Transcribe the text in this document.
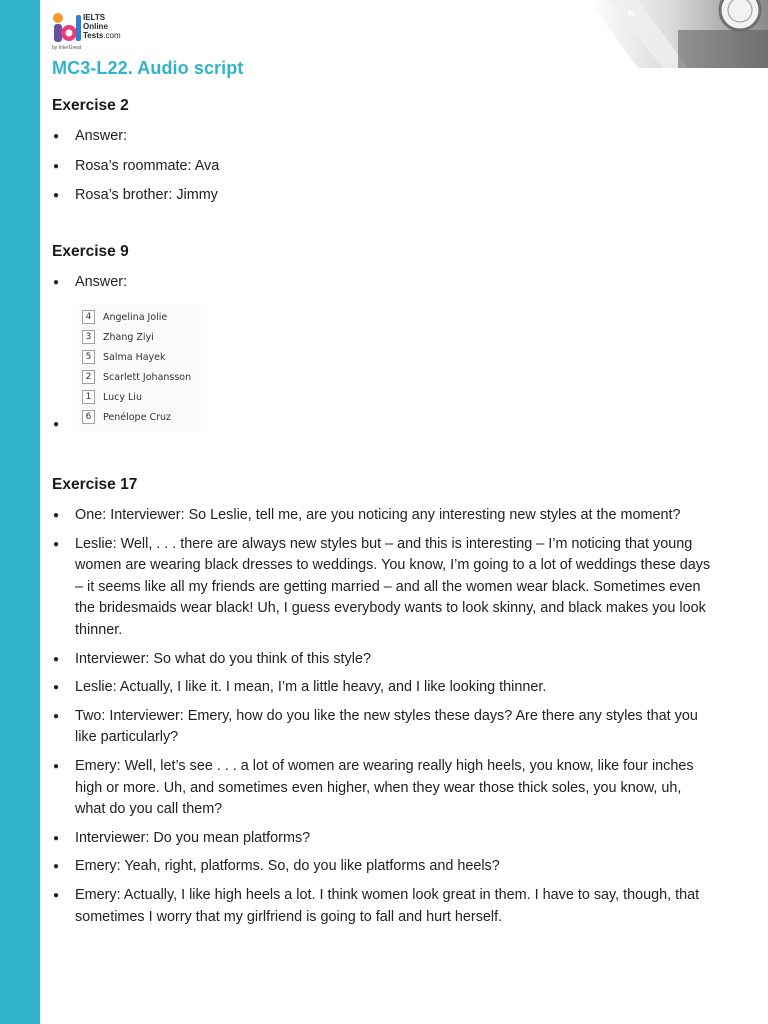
«
IELTS
Online
Tests.com
by InterGreat
MC3-L22. Audio script
Exercise 2
● Answer:
● Rosa’s roommate: Ava
● Rosa’s brother: Jimmy
Exercise 9
● Answer:
4	Angelina Jolie
3	Zhang Ziyi
5	Salma Hayek
2	Scarlett Johansson
1	Lucy Liu
6	Penélope Cruz
●
Exercise 17
● One: Interviewer: So Leslie, tell me, are you noticing any interesting new styles at the moment?
● Leslie: Well, . . . there are always new styles but – and this is interesting – I’m noticing that young women are wearing black dresses to weddings. You know, I’m going to a lot of weddings these days – it seems like all my friends are getting married – and all the women wear black. Sometimes even the bridesmaids wear black! Uh, I guess everybody wants to look skinny, and black makes you look thinner.
● Interviewer: So what do you think of this style?
● Leslie: Actually, I like it. I mean, I’m a little heavy, and I like looking thinner.
● Two: Interviewer: Emery, how do you like the new styles these days? Are there any styles that you like particularly?
● Emery: Well, let’s see . . . a lot of women are wearing really high heels, you know, like four inches high or more. Uh, and sometimes even higher, when they wear those thick soles, you know, uh, what do you call them?
● Interviewer: Do you mean platforms?
● Emery: Yeah, right, platforms. So, do you like platforms and heels?
● Emery: Actually, I like high heels a lot. I think women look great in them. I have to say, though, that sometimes I worry that my girlfriend is going to fall and hurt herself.
